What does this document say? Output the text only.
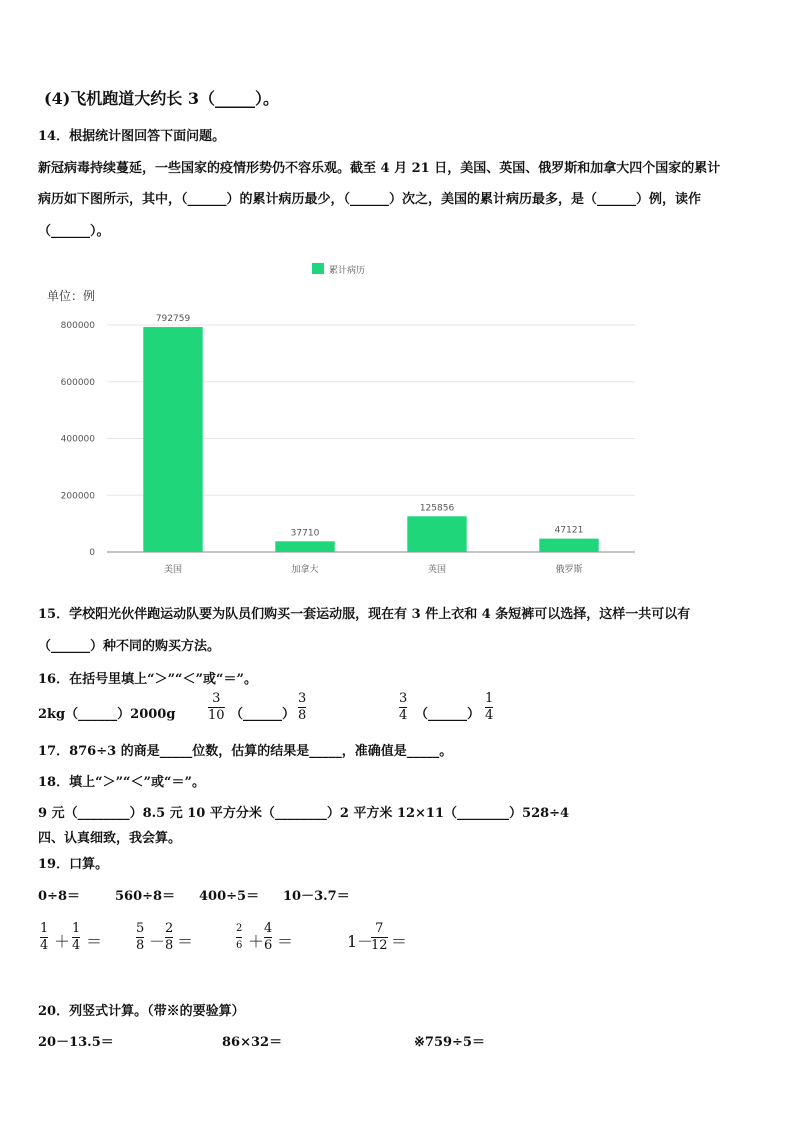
(4)飞机跑道大约长 3（_____）。
14．根据统计图回答下面问题。
新冠病毒持续蔓延，一些国家的疫情形势仍不容乐观。截至 4 月 21 日，美国、英国、俄罗斯和加拿大四个国家的累计
病历如下图所示，其中，（______）的累计病历最少，（______）次之，美国的累计病历最多，是（______）例，读作
（______）。
累计病历
单位：例
0
200000
400000
600000
800000
792759
37710
125856
47121
美国	加拿大	英国	俄罗斯
15．学校阳光伙伴跑运动队要为队员们购买一套运动服，现在有 3 件上衣和 4 条短裤可以选择，这样一共可以有
（______）种不同的购买方法。
16．在括号里填上“＞”“＜”或“＝”。
2kg（______）2000g
3
10 （______）
3
8
3
4 （______）
1
4
17．876÷3 的商是_____位数，估算的结果是_____，准确值是_____。
18．填上“＞”“＜”或“＝”。
9 元（________）8.5 元 10 平方分米（________）2 平方米 12×11（________）528÷4
四、认真细致，我会算。
19．口算。
0÷8＝	560÷8＝ 400÷5＝ 10－3.7＝
1
4 ＋
1
4 ＝
5
8 －
2
8 ＝
2
6 ＋
4
6 ＝	1－
7
12 ＝
20．列竖式计算。（带※的要验算）
20－13.5＝	86×32＝	※759÷5＝
